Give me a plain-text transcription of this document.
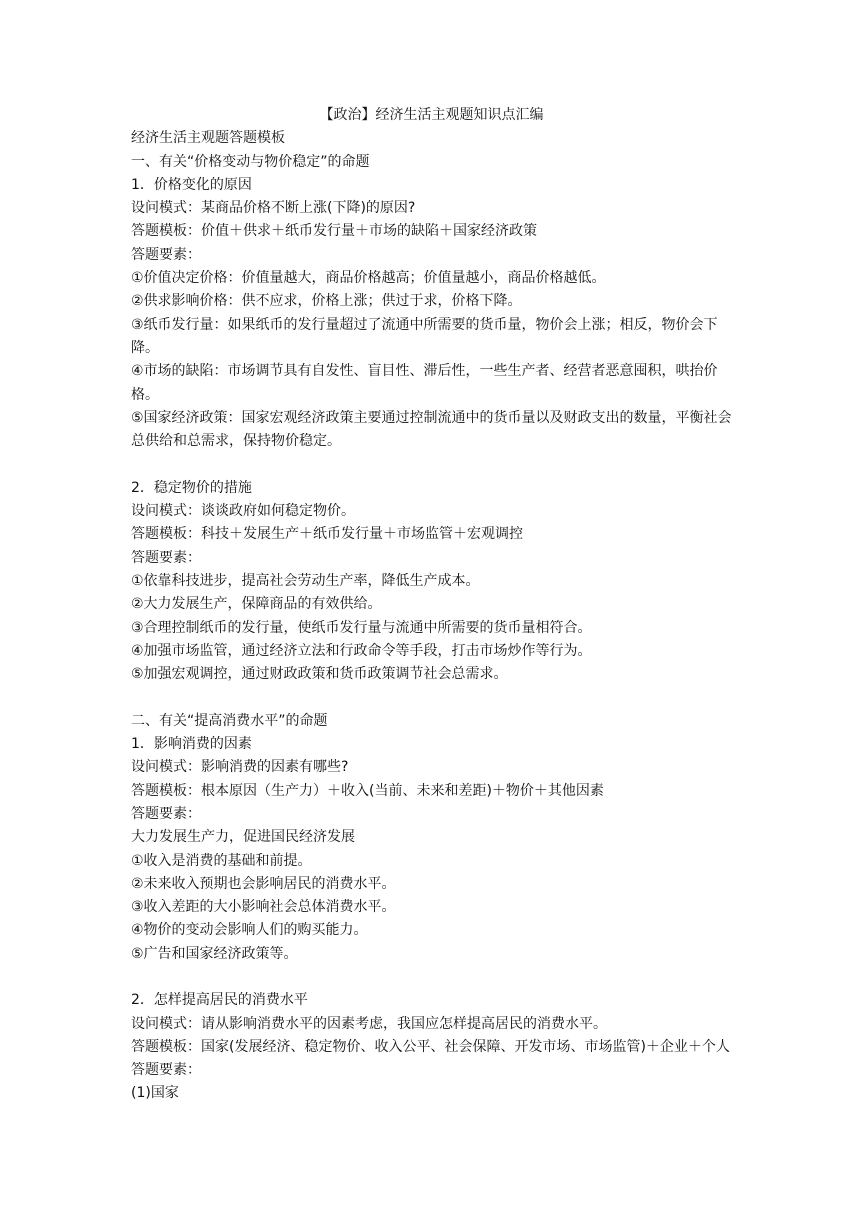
【政治】经济生活主观题知识点汇编
经济生活主观题答题模板
一、有关“价格变动与物价稳定”的命题
1．价格变化的原因
设问模式：某商品价格不断上涨(下降)的原因?
答题模板：价值＋供求＋纸币发行量＋市场的缺陷＋国家经济政策
答题要素：
①价值决定价格：价值量越大，商品价格越高；价值量越小，商品价格越低。
②供求影响价格：供不应求，价格上涨；供过于求，价格下降。
③纸币发行量：如果纸币的发行量超过了流通中所需要的货币量，物价会上涨；相反，物价会下降。
④市场的缺陷：市场调节具有自发性、盲目性、滞后性，一些生产者、经营者恶意囤积，哄抬价格。
⑤国家经济政策：国家宏观经济政策主要通过控制流通中的货币量以及财政支出的数量，平衡社会总供给和总需求，保持物价稳定。
2．稳定物价的措施
设问模式：谈谈政府如何稳定物价。
答题模板：科技＋发展生产＋纸币发行量＋市场监管＋宏观调控
答题要素：
①依靠科技进步，提高社会劳动生产率，降低生产成本。
②大力发展生产，保障商品的有效供给。
③合理控制纸币的发行量，使纸币发行量与流通中所需要的货币量相符合。
④加强市场监管，通过经济立法和行政命令等手段，打击市场炒作等行为。
⑤加强宏观调控，通过财政政策和货币政策调节社会总需求。
二、有关“提高消费水平”的命题
1．影响消费的因素
设问模式：影响消费的因素有哪些?
答题模板：根本原因（生产力）＋收入(当前、未来和差距)＋物价＋其他因素
答题要素：
大力发展生产力，促进国民经济发展
①收入是消费的基础和前提。
②未来收入预期也会影响居民的消费水平。
③收入差距的大小影响社会总体消费水平。
④物价的变动会影响人们的购买能力。
⑤广告和国家经济政策等。
2．怎样提高居民的消费水平
设问模式：请从影响消费水平的因素考虑，我国应怎样提高居民的消费水平。
答题模板：国家(发展经济、稳定物价、收入公平、社会保障、开发市场、市场监管)＋企业＋个人
答题要素：
(1)国家
